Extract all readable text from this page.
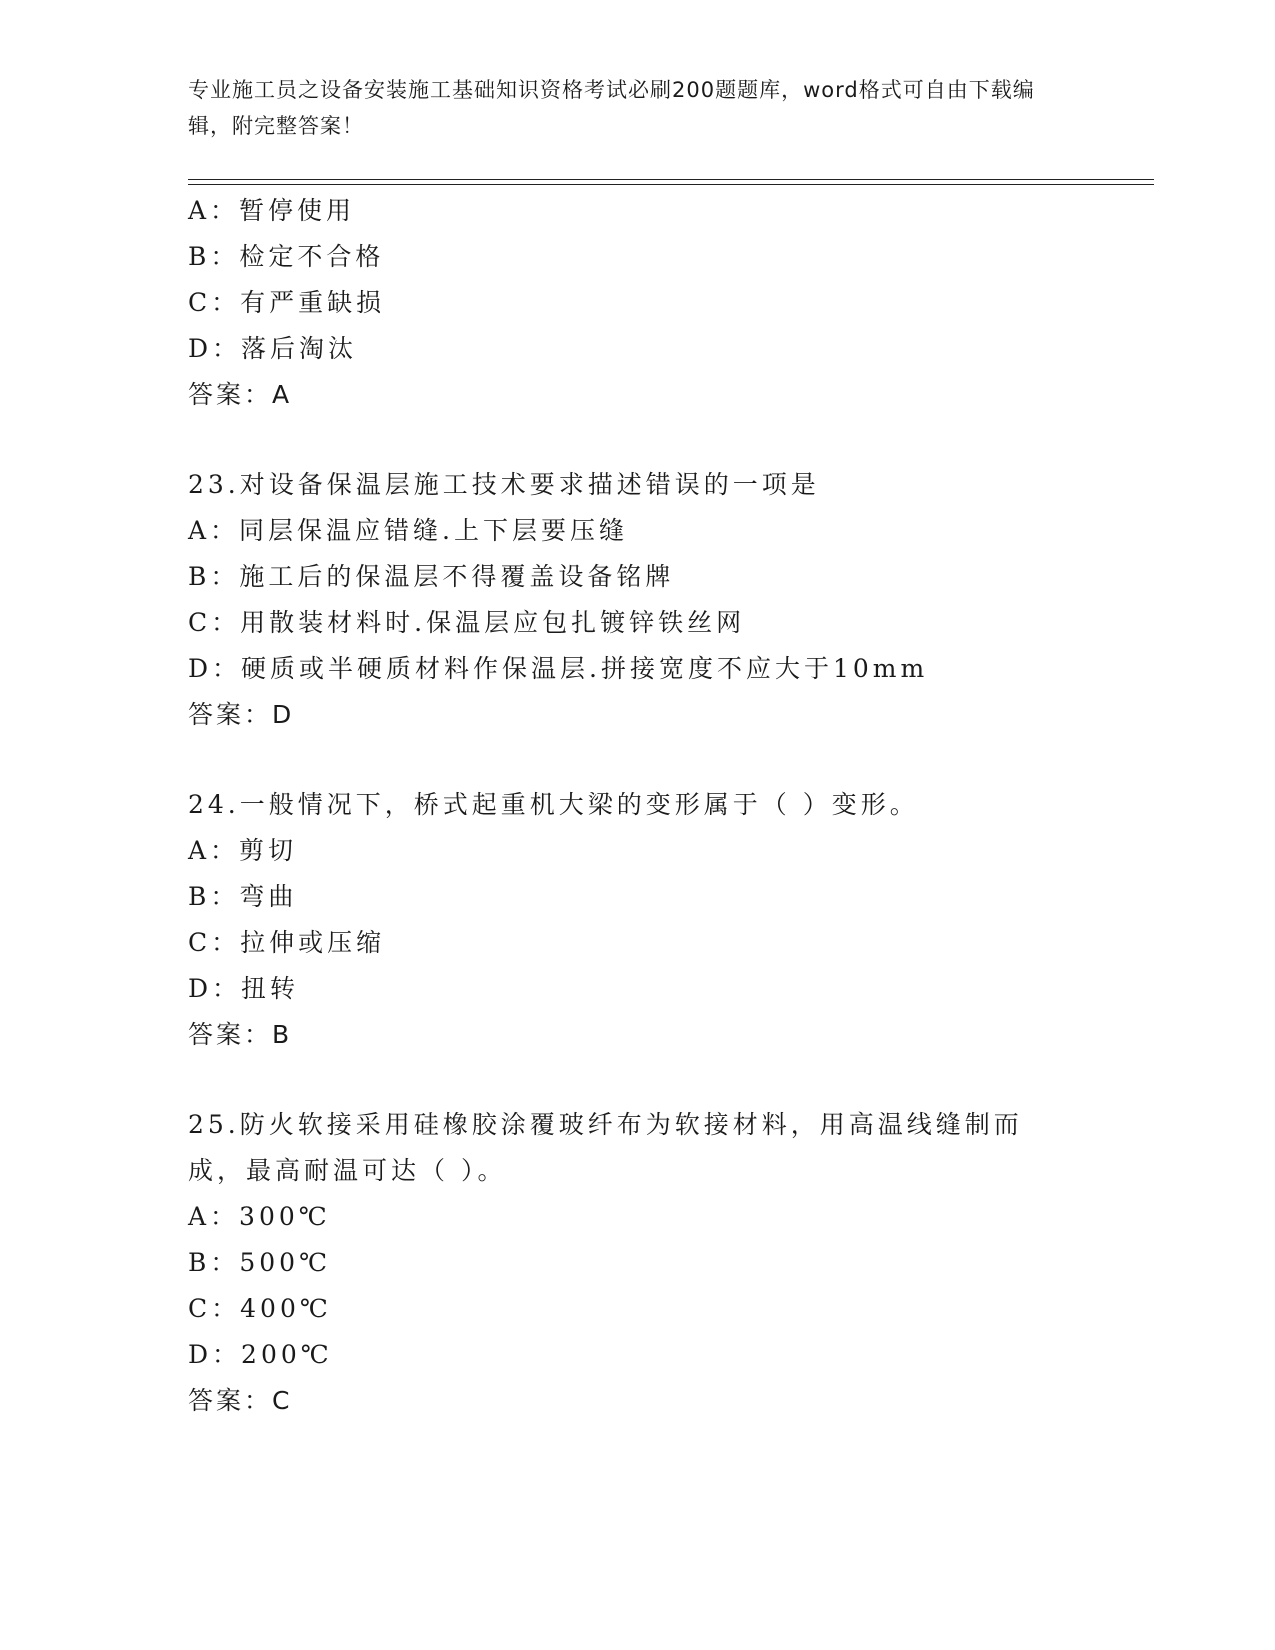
专业施工员之设备安装施工基础知识资格考试必刷200题题库，word格式可自由下载编辑，附完整答案！
A：暂停使用
B：检定不合格
C：有严重缺损
D：落后淘汰
答案：A
23.对设备保温层施工技术要求描述错误的一项是
A：同层保温应错缝.上下层要压缝
B：施工后的保温层不得覆盖设备铭牌
C：用散装材料时.保温层应包扎镀锌铁丝网
D：硬质或半硬质材料作保温层.拼接宽度不应大于10mm
答案：D
24.一般情况下，桥式起重机大梁的变形属于（ ）变形。
A：剪切
B：弯曲
C：拉伸或压缩
D：扭转
答案：B
25.防火软接采用硅橡胶涂覆玻纤布为软接材料，用高温线缝制而成，最高耐温可达（ ）。
A：300℃
B：500℃
C：400℃
D：200℃
答案：C
